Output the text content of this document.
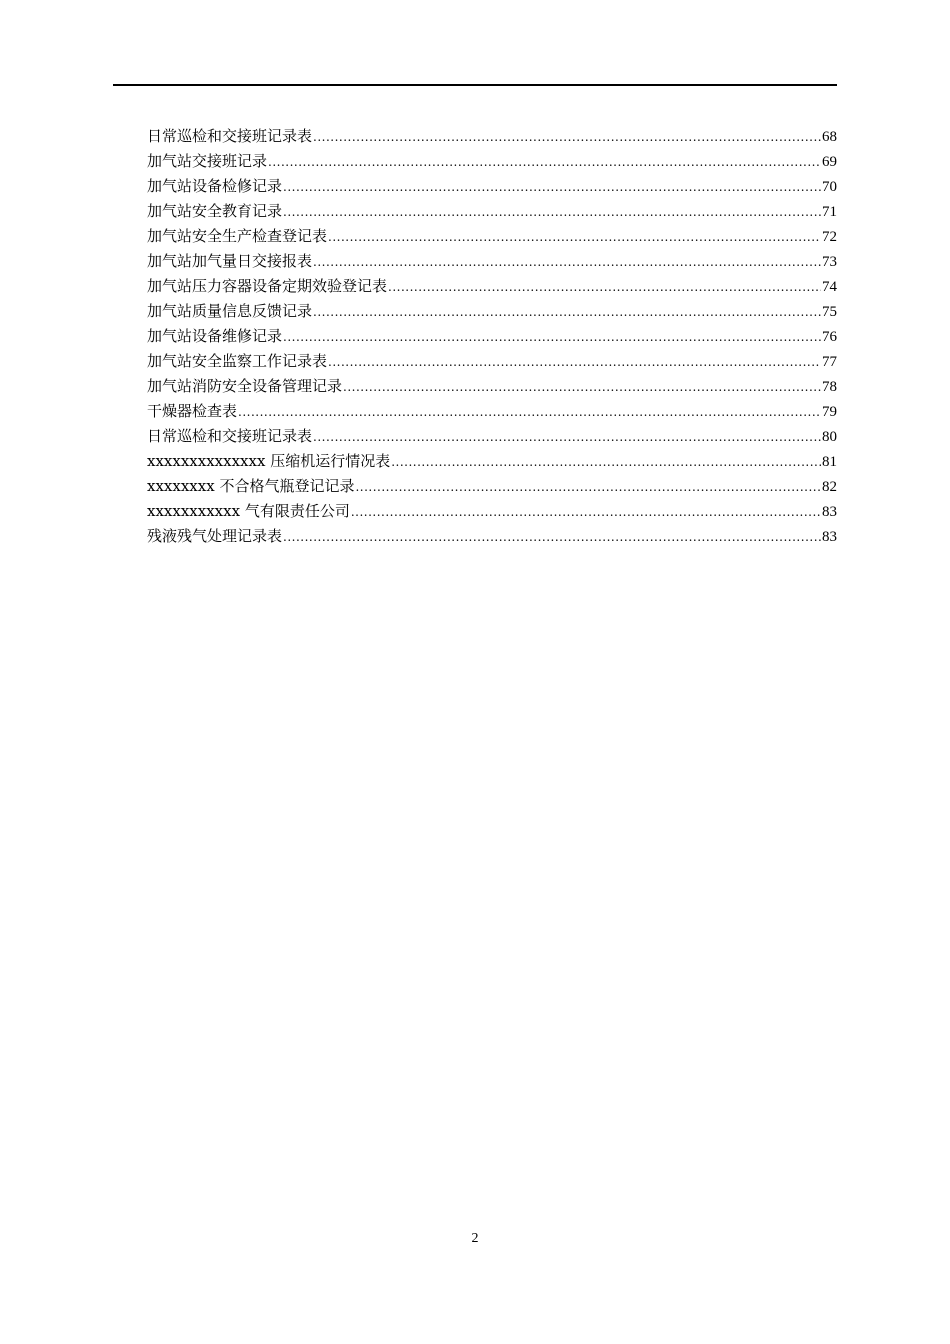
日常巡检和交接班记录表 .....	68
加气站交接班记录 .....	69
加气站设备检修记录 .....	70
加气站安全教育记录 .....	71
加气站安全生产检查登记表 .....	72
加气站加气量日交接报表 .....	73
加气站压力容器设备定期效验登记表 .....	74
加气站质量信息反馈记录 .....	75
加气站设备维修记录 .....	76
加气站安全监察工作记录表 .....	77
加气站消防安全设备管理记录 .....	78
干燥器检查表 .....	79
日常巡检和交接班记录表 .....	80
xxxxxxxxxxxxxx 压缩机运行情况表 .....	81
xxxxxxxx 不合格气瓶登记记录 .....	82
xxxxxxxxxxx 气有限责任公司 .....	83
残液残气处理记录表 .....	83
2
